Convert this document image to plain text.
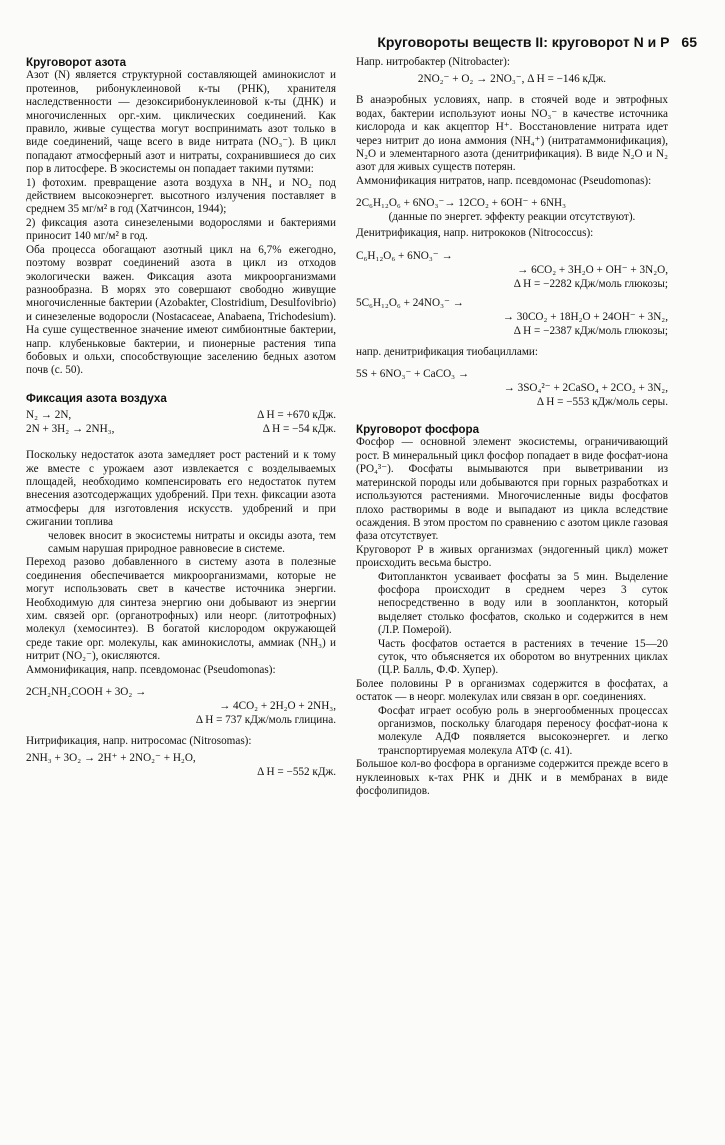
Круговороты веществ II: круговорот N и P 65

Круговорот азота

Азот (N) является структурной составляющей аминокислот и протеинов, рибонуклеиновой к-ты (РНК), хранителя наследственности — дезоксирибонуклеиновой к-ты (ДНК) и многочисленных орг.-хим. циклических соединений. Как правило, живые существа могут воспринимать азот только в виде соединений, чаще всего в виде нитрата (NO₃⁻). В цикл попадают атмосферный азот и нитраты, сохранившиеся до сих пор в литосфере. В экосистемы он попадает такими путями:

1) фотохим. превращение азота воздуха в NH₄ и NO₂ под действием высокоэнергет. высотного излучения поставляет в среднем 35 мг/м² в год (Хатчинсон, 1944);

2) фиксация азота синезелеными водорослями и бактериями приносит 140 мг/м² в год.

Оба процесса обогащают азотный цикл на 6,7% ежегодно, поэтому возврат соединений азота в цикл из отходов экологически важен. Фиксация азота микроорганизмами разнообразна. В морях это совершают свободно живущие многочисленные бактерии (Azobakter, Clostridium, Desulfovibrio) и синезеленые водоросли (Nostacaceae, Anabaena, Trichodesium). На суше существенное значение имеют симбионтные бактерии, напр. клубеньковые бактерии, и пионерные растения типа бобовых и ольхи, способствующие заселению бедных азотом почв (с. 50).

Фиксация азота воздуха

N₂ → 2N,	Δ H = +670 кДж.
2N + 3H₂ → 2NH₃,	Δ H = −54 кДж.

Поскольку недостаток азота замедляет рост растений и к тому же вместе с урожаем азот извлекается с возделываемых площадей, необходимо компенсировать его недостаток путем внесения азотсодержащих удобрений. При техн. фиксации азота атмосферы для изготовления искусств. удобрений и при сжигании топлива

человек вносит в экосистемы нитраты и оксиды азота, тем самым нарушая природное равновесие в системе.

Переход разово добавленного в систему азота в полезные соединения обеспечивается микроорганизмами, которые не могут использовать свет в качестве источника энергии. Необходимую для синтеза энергию они добывают из энергии хим. связей орг. (органотрофных) или неорг. (литотрофных) молекул (хемосинтез). В богатой кислородом окружающей среде такие орг. молекулы, как аминокислоты, аммиак (NH₃) и нитрит (NO₂⁻), окисляются.

Аммонификация, напр. псевдомонас (Pseudomonas):

2CH₂NH₂COOH + 3O₂ →
→ 4CO₂ + 2H₂O + 2NH₃,
Δ H = 737 кДж/моль глицина.

Нитрификация, напр. нитросомас (Nitrosomas):

2NH₃ + 3O₂ → 2H⁺ + 2NO₂⁻ + H₂O,
Δ H = −552 кДж.

Напр. нитробактер (Nitrobacter):

2NO₂⁻ + O₂ → 2NO₃⁻, Δ H = −146 кДж.

В анаэробных условиях, напр. в стоячей воде и эвтрофных водах, бактерии используют ионы NO₃⁻ в качестве источника кислорода и как акцептор H⁺. Восстановление нитрата идет через нитрит до иона аммония (NH₄⁺) (нитратаммонификация), N₂O и элементарного азота (денитрификация). В виде N₂O и N₂ азот для живых существ потерян.

Аммонификация нитратов, напр. псевдомонас (Pseudomonas):

2C₆H₁₂O₆ + 6NO₃⁻→ 12CO₂ + 6OH⁻ + 6NH₃
(данные по энергет. эффекту реакции отсутствуют).

Денитрификация, напр. нитрококов (Nitrococcus):

C₆H₁₂O₆ + 6NO₃⁻ →
→ 6CO₂ + 3H₂O + OH⁻ + 3N₂O,
Δ H = −2282 кДж/моль глюкозы;
5C₆H₁₂O₆ + 24NO₃⁻ →
→ 30CO₂ + 18H₂O + 24OH⁻ + 3N₂,
Δ H = −2387 кДж/моль глюкозы;

напр. денитрификация тиобациллами:

5S + 6NO₃⁻ + CaCO₃ →
→ 3SO₄²⁻ + 2CaSO₄ + 2CO₂ + 3N₂,
Δ H = −553 кДж/моль серы.

Круговорот фосфора

Фосфор — основной элемент экосистемы, ограничивающий рост. В минеральный цикл фосфор попадает в виде фосфат-иона (PO₄³⁻). Фосфаты вымываются при выветривании из материнской породы или добываются при горных разработках и используются растениями. Многочисленные виды фосфатов плохо растворимы в воде и выпадают из цикла вследствие осаждения. В этом простом по сравнению с азотом цикле газовая фаза отсутствует.

Круговорот P в живых организмах (эндогенный цикл) может происходить весьма быстро.

Фитопланктон усваивает фосфаты за 5 мин. Выделение фосфора происходит в среднем через 3 суток непосредственно в воду или в зоопланктон, который выделяет столько фосфатов, сколько и содержится в нем (Л.Р. Померой).

Часть фосфатов остается в растениях в течение 15—20 суток, что объясняется их оборотом во внутренних циклах (Ц.Р. Балль, Ф.Ф. Хупер).

Более половины P в организмах содержится в фосфатах, а остаток — в неорг. молекулах или связан в орг. соединениях.

Фосфат играет особую роль в энергообменных процессах организмов, поскольку благодаря переносу фосфат-иона к молекуле АДФ появляется высокоэнергет. и легко транспортируемая молекула АТФ (с. 41).

Большое кол-во фосфора в организме содержится прежде всего в нуклеиновых к-тах РНК и ДНК и в мембранах в виде фосфолипидов.
